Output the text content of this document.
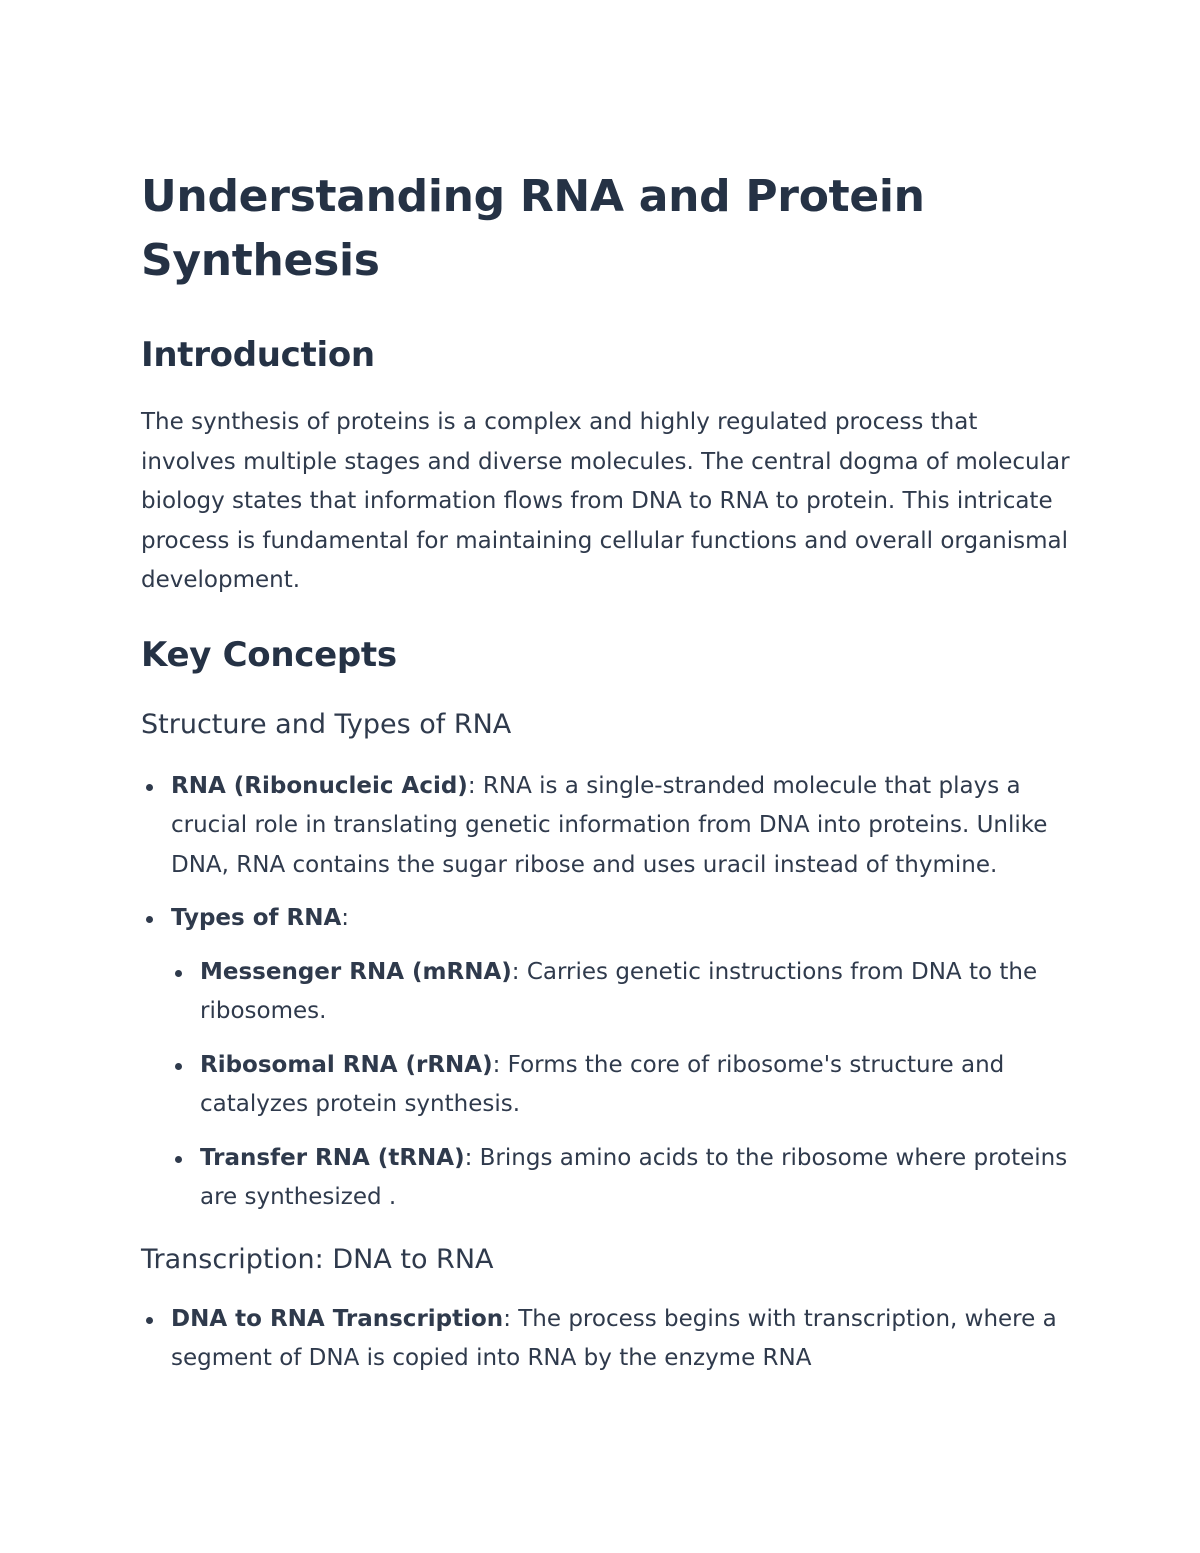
Understanding RNA and Protein Synthesis
Introduction

The synthesis of proteins is a complex and highly regulated process that involves multiple stages and diverse molecules. The central dogma of molecular biology states that information flows from DNA to RNA to protein. This intricate process is fundamental for maintaining cellular functions and overall organismal development.

Key Concepts
Structure and Types of RNA
RNA (Ribonucleic Acid): RNA is a single-stranded molecule that plays a crucial role in translating genetic information from DNA into proteins. Unlike DNA, RNA contains the sugar ribose and uses uracil instead of thymine.
Types of RNA:
Messenger RNA (mRNA): Carries genetic instructions from DNA to the ribosomes.
Ribosomal RNA (rRNA): Forms the core of ribosome's structure and catalyzes protein synthesis.
Transfer RNA (tRNA): Brings amino acids to the ribosome where proteins are synthesized .
Transcription: DNA to RNA
DNA to RNA Transcription: The process begins with transcription, where a segment of DNA is copied into RNA by the enzyme RNA
